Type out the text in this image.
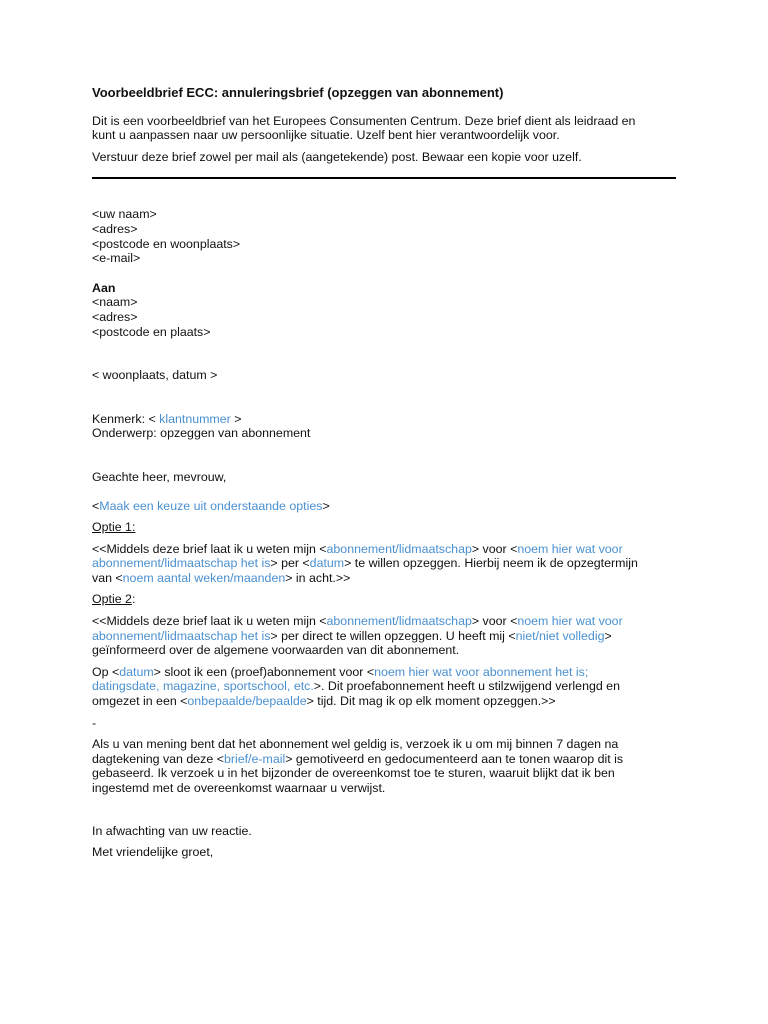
Voorbeeldbrief ECC: annuleringsbrief (opzeggen van abonnement)

Dit is een voorbeeldbrief van het Europees Consumenten Centrum. Deze brief dient als leidraad en

kunt u aanpassen naar uw persoonlijke situatie. Uzelf bent hier verantwoordelijk voor.

Verstuur deze brief zowel per mail als (aangetekende) post. Bewaar een kopie voor uzelf.

<uw naam>

<adres>

<postcode en woonplaats>

<e-mail>

Aan

<naam>

<adres>

<postcode en plaats>

< woonplaats, datum >

Kenmerk: < klantnummer >

Onderwerp: opzeggen van abonnement

Geachte heer, mevrouw,

<Maak een keuze uit onderstaande opties>

Optie 1:

<<Middels deze brief laat ik u weten mijn <abonnement/lidmaatschap> voor <noem hier wat voor

abonnement/lidmaatschap het is> per <datum> te willen opzeggen. Hierbij neem ik de opzegtermijn

van <noem aantal weken/maanden> in acht.>>

Optie 2:

<<Middels deze brief laat ik u weten mijn <abonnement/lidmaatschap> voor <noem hier wat voor

abonnement/lidmaatschap het is> per direct te willen opzeggen. U heeft mij <niet/niet volledig>

geïnformeerd over de algemene voorwaarden van dit abonnement.

Op <datum> sloot ik een (proef)abonnement voor <noem hier wat voor abonnement het is;

datingsdate, magazine, sportschool, etc.>. Dit proefabonnement heeft u stilzwijgend verlengd en

omgezet in een <onbepaalde/bepaalde> tijd. Dit mag ik op elk moment opzeggen.>>

-

Als u van mening bent dat het abonnement wel geldig is, verzoek ik u om mij binnen 7 dagen na

dagtekening van deze <brief/e-mail> gemotiveerd en gedocumenteerd aan te tonen waarop dit is

gebaseerd. Ik verzoek u in het bijzonder de overeenkomst toe te sturen, waaruit blijkt dat ik ben

ingestemd met de overeenkomst waarnaar u verwijst.

In afwachting van uw reactie.

Met vriendelijke groet,
